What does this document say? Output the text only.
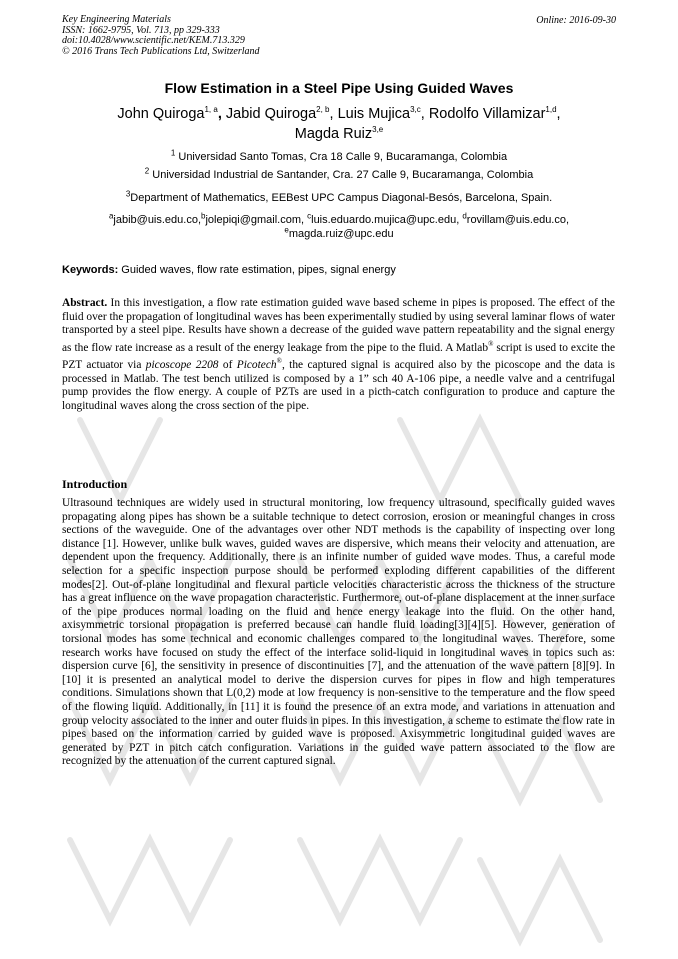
Key Engineering Materials
ISSN: 1662-9795, Vol. 713, pp 329-333
doi:10.4028/www.scientific.net/KEM.713.329
© 2016 Trans Tech Publications Ltd, Switzerland
Online: 2016-09-30
Flow Estimation in a Steel Pipe Using Guided Waves
John Quiroga$^{1, a}$, Jabid Quiroga$^{2, b}$, Luis Mujica$^{3,c}$, Rodolfo Villamizar$^{1,d}$,
Magda Ruiz$^{3,e}$
$^1$ Universidad Santo Tomas, Cra 18 Calle 9, Bucaramanga, Colombia
$^2$ Universidad Industrial de Santander, Cra. 27 Calle 9, Bucaramanga, Colombia
$^3$Department of Mathematics, EEBest UPC Campus Diagonal-Besós, Barcelona, Spain.
$^a$jabib@uis.edu.co,$^b$jolepiqi@gmail.com, $^c$luis.eduardo.mujica@upc.edu, $^d$rovillam@uis.edu.co,
$^e$magda.ruiz@upc.edu
Keywords: Guided waves, flow rate estimation, pipes, signal energy
Abstract. In this investigation, a flow rate estimation guided wave based scheme in pipes is proposed. The effect of the fluid over the propagation of longitudinal waves has been experimentally studied by using several laminar flows of water transported by a steel pipe. Results have shown a decrease of the guided wave pattern repeatability and the signal energy as the flow rate increase as a result of the energy leakage from the pipe to the fluid. A Matlab® script is used to excite the PZT actuator via picoscope 2208 of Picotech®, the captured signal is acquired also by the picoscope and the data is processed in Matlab. The test bench utilized is composed by a 1” sch 40 A-106 pipe, a needle valve and a centrifugal pump provides the flow energy. A couple of PZTs are used in a picth-catch configuration to produce and capture the longitudinal waves along the cross section of the pipe.
Introduction
Ultrasound techniques are widely used in structural monitoring, low frequency ultrasound, specifically guided waves propagating along pipes has shown be a suitable technique to detect corrosion, erosion or meaningful changes in cross sections of the waveguide. One of the advantages over other NDT methods is the capability of inspecting over long distance [1]. However, unlike bulk waves, guided waves are dispersive, which means their velocity and attenuation, are dependent upon the frequency. Additionally, there is an infinite number of guided wave modes. Thus, a careful mode selection for a specific inspection purpose should be performed exploding different capabilities of the different modes[2]. Out-of-plane longitudinal and flexural particle velocities characteristic across the thickness of the structure has a great influence on the wave propagation characteristic. Furthermore, out-of-plane displacement at the inner surface of the pipe produces normal loading on the fluid and hence energy leakage into the fluid. On the other hand, axisymmetric torsional propagation is preferred because can handle fluid loading[3][4][5]. However, generation of torsional modes has some technical and economic challenges compared to the longitudinal waves. Therefore, some research works have focused on study the effect of the interface solid-liquid in longitudinal waves in topics such as: dispersion curve [6], the sensitivity in presence of discontinuities [7], and the attenuation of the wave pattern [8][9]. In [10] it is presented an analytical model to derive the dispersion curves for pipes in flow and high temperatures conditions. Simulations shown that L(0,2) mode at low frequency is non-sensitive to the temperature and the flow speed of the flowing liquid. Additionally, in [11] it is found the presence of an extra mode, and variations in attenuation and group velocity associated to the inner and outer fluids in pipes. In this investigation, a scheme to estimate the flow rate in pipes based on the information carried by guided wave is proposed. Axisymmetric longitudinal guided waves are generated by PZT in pitch catch configuration. Variations in the guided wave pattern associated to the flow are recognized by the attenuation of the current captured signal.
